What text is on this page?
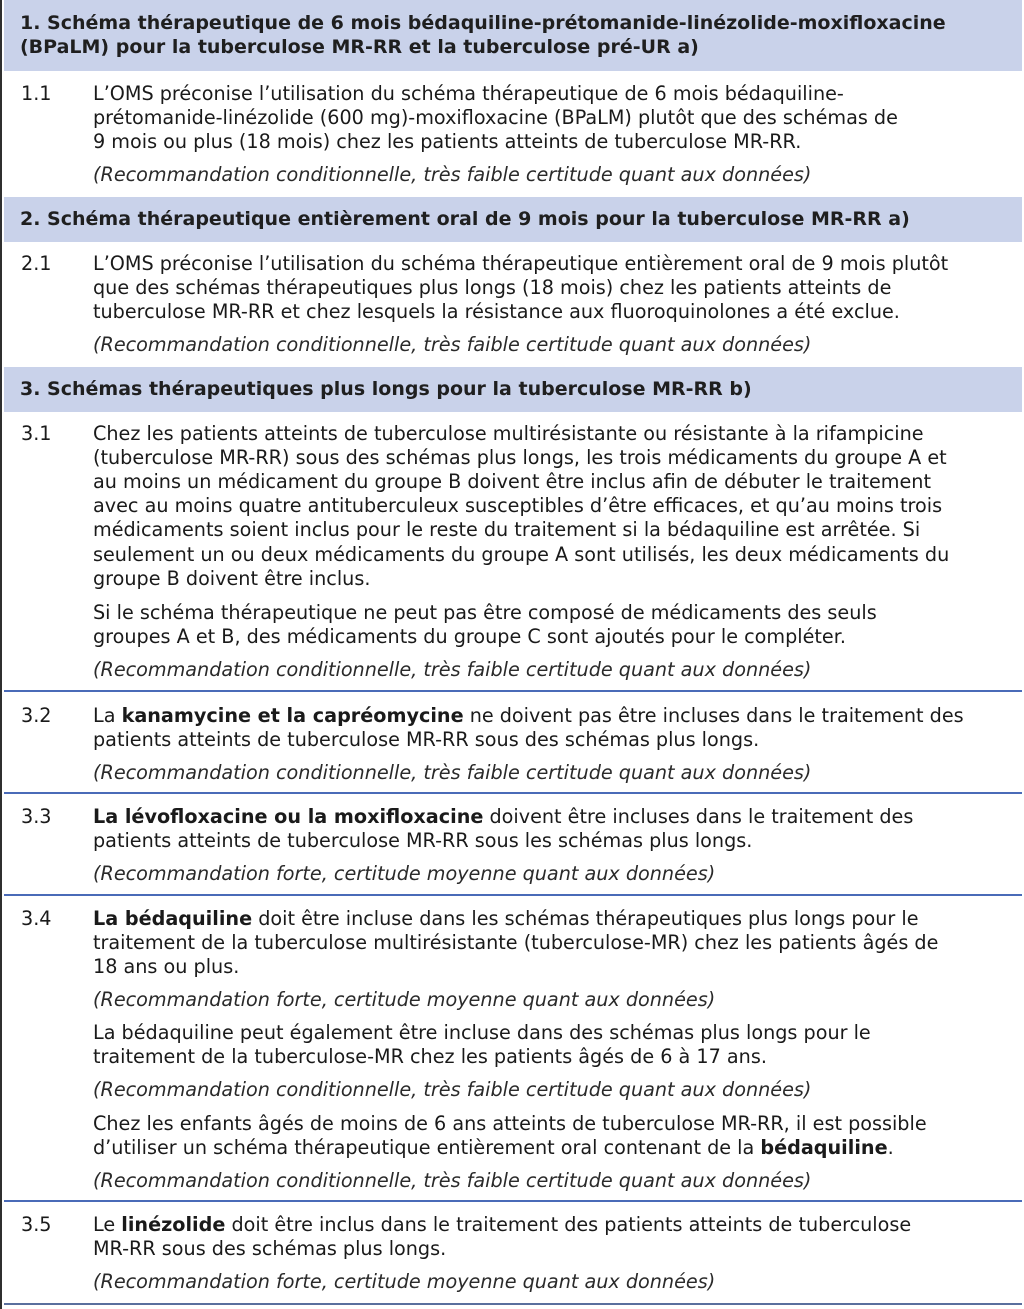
1. Schéma thérapeutique de 6 mois bédaquiline-prétomanide-linézolide-moxifloxacine
(BPaLM) pour la tuberculose MR-RR et la tuberculose pré-UR a)
1.1 L’OMS préconise l’utilisation du schéma thérapeutique de 6 mois bédaquiline-
prétomanide-linézolide (600 mg)-moxifloxacine (BPaLM) plutôt que des schémas de
9 mois ou plus (18 mois) chez les patients atteints de tuberculose MR-RR.
(Recommandation conditionnelle, très faible certitude quant aux données)
2. Schéma thérapeutique entièrement oral de 9 mois pour la tuberculose MR-RR a)
2.1 L’OMS préconise l’utilisation du schéma thérapeutique entièrement oral de 9 mois plutôt
que des schémas thérapeutiques plus longs (18 mois) chez les patients atteints de
tuberculose MR-RR et chez lesquels la résistance aux fluoroquinolones a été exclue.
(Recommandation conditionnelle, très faible certitude quant aux données)
3. Schémas thérapeutiques plus longs pour la tuberculose MR-RR b)
3.1 Chez les patients atteints de tuberculose multirésistante ou résistante à la rifampicine
(tuberculose MR-RR) sous des schémas plus longs, les trois médicaments du groupe A et
au moins un médicament du groupe B doivent être inclus afin de débuter le traitement
avec au moins quatre antituberculeux susceptibles d’être efficaces, et qu’au moins trois
médicaments soient inclus pour le reste du traitement si la bédaquiline est arrêtée. Si
seulement un ou deux médicaments du groupe A sont utilisés, les deux médicaments du
groupe B doivent être inclus.
Si le schéma thérapeutique ne peut pas être composé de médicaments des seuls
groupes A et B, des médicaments du groupe C sont ajoutés pour le compléter.
(Recommandation conditionnelle, très faible certitude quant aux données)
3.2 La kanamycine et la capréomycine ne doivent pas être incluses dans le traitement des
patients atteints de tuberculose MR-RR sous des schémas plus longs.
(Recommandation conditionnelle, très faible certitude quant aux données)
3.3 La lévofloxacine ou la moxifloxacine doivent être incluses dans le traitement des
patients atteints de tuberculose MR-RR sous les schémas plus longs.
(Recommandation forte, certitude moyenne quant aux données)
3.4 La bédaquiline doit être incluse dans les schémas thérapeutiques plus longs pour le
traitement de la tuberculose multirésistante (tuberculose-MR) chez les patients âgés de
18 ans ou plus.
(Recommandation forte, certitude moyenne quant aux données)
La bédaquiline peut également être incluse dans des schémas plus longs pour le
traitement de la tuberculose-MR chez les patients âgés de 6 à 17 ans.
(Recommandation conditionnelle, très faible certitude quant aux données)
Chez les enfants âgés de moins de 6 ans atteints de tuberculose MR-RR, il est possible
d’utiliser un schéma thérapeutique entièrement oral contenant de la bédaquiline.
(Recommandation conditionnelle, très faible certitude quant aux données)
3.5 Le linézolide doit être inclus dans le traitement des patients atteints de tuberculose
MR-RR sous des schémas plus longs.
(Recommandation forte, certitude moyenne quant aux données)
